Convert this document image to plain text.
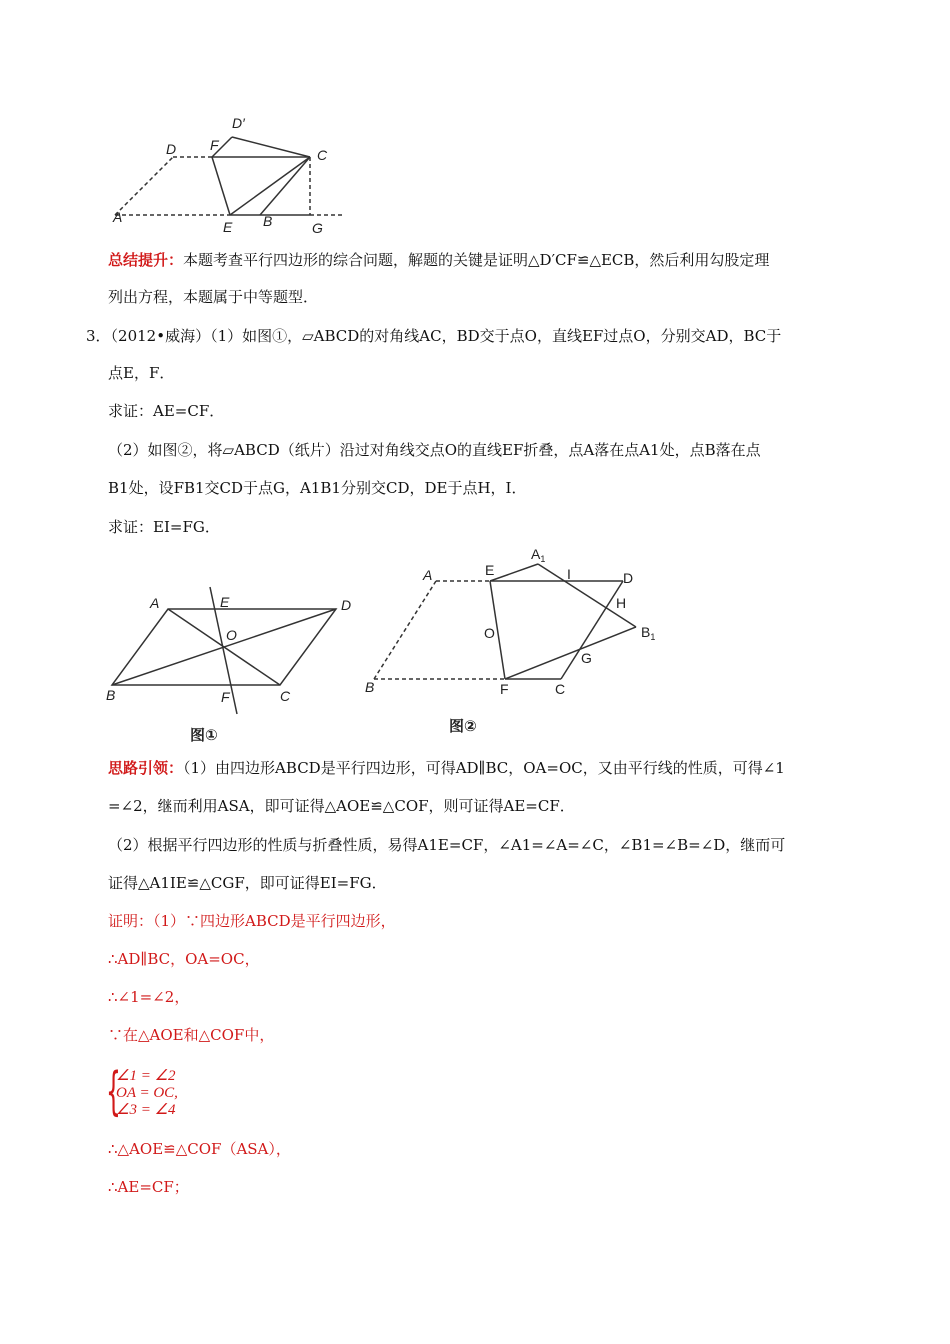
D′
D F
C
A
E B	G
总结提升：本题考查平行四边形的综合问题，解题的关键是证明△D′CF≌△ECB，然后利用勾股定理
列出方程，本题属于中等题型．
3．（2012•威海）（1）如图①，▱ABCD的对角线AC，BD交于点O，直线EF过点O，分别交AD，BC于
点E，F．
求证：AE=CF．
（2）如图②，将▱ABCD（纸片）沿过对角线交点O的直线EF折叠，点A落在点A1处，点B落在点
B1处，设FB1交CD于点G，A1B1分别交CD，DE于点H，I．
求证：EI=FG．
A	E	D
O
B	F	C
图①
A	E
$A_1$
I	D
H
O	$B_1$
G
B	F	C
图②
思路引领：（1）由四边形ABCD是平行四边形，可得AD∥BC，OA=OC，又由平行线的性质，可得∠1
=∠2，继而利用ASA，即可证得△AOE≌△COF，则可证得AE=CF．
（2）根据平行四边形的性质与折叠性质，易得A1E=CF，∠A1=∠A=∠C，∠B1=∠B=∠D，继而可
证得△A1IE≌△CGF，即可证得EI=FG．
证明：（1）∵四边形ABCD是平行四边形，
∴AD∥BC，OA=OC，
∴∠1=∠2，
∵在△AOE和△COF中，
{
∠1 = ∠2
OA = OC,
∠3 = ∠4
∴△AOE≌△COF（ASA），
∴AE=CF；
